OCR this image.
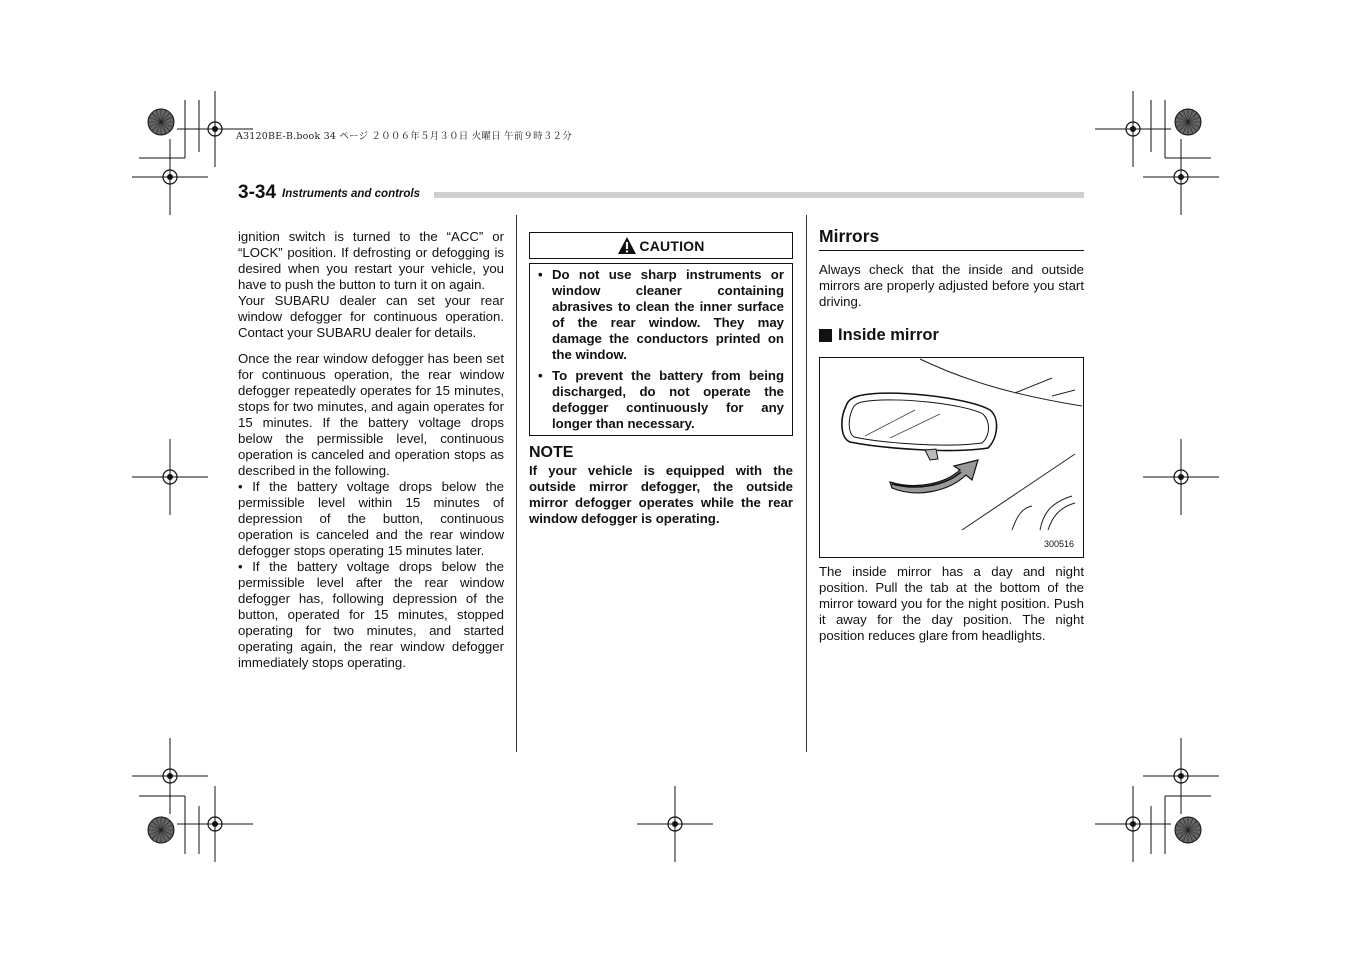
A3120BE-B.book 34 ページ ２００６年５月３０日 火曜日 午前９時３２分
3-34 Instruments and controls

ignition switch is turned to the “ACC” or “LOCK” position. If defrosting or defogging is desired when you restart your vehicle, you have to push the button to turn it on again.

Your SUBARU dealer can set your rear window defogger for continuous operation. Contact your SUBARU dealer for details.

Once the rear window defogger has been set for continuous operation, the rear window defogger repeatedly operates for 15 minutes, stops for two minutes, and again operates for 15 minutes. If the battery voltage drops below the permissible level, continuous operation is canceled and operation stops as described in the following.

• If the battery voltage drops below the permissible level within 15 minutes of depression of the button, continuous operation is canceled and the rear window defogger stops operating 15 minutes later.

• If the battery voltage drops below the permissible level after the rear window defogger has, following depression of the button, operated for 15 minutes, stopped operating for two minutes, and started operating again, the rear window defogger immediately stops operating.

CAUTION
• Do not use sharp instruments or window cleaner containing abrasives to clean the inner surface of the rear window. They may damage the conductors printed on the window.
• To prevent the battery from being discharged, do not operate the defogger continuously for any longer than necessary.
NOTE
If your vehicle is equipped with the outside mirror defogger, the outside mirror defogger operates while the rear window defogger is operating.
Mirrors

Always check that the inside and outside mirrors are properly adjusted before you start driving.

Inside mirror
300516

The inside mirror has a day and night position. Pull the tab at the bottom of the mirror toward you for the night position. Push it away for the day position. The night position reduces glare from headlights.
